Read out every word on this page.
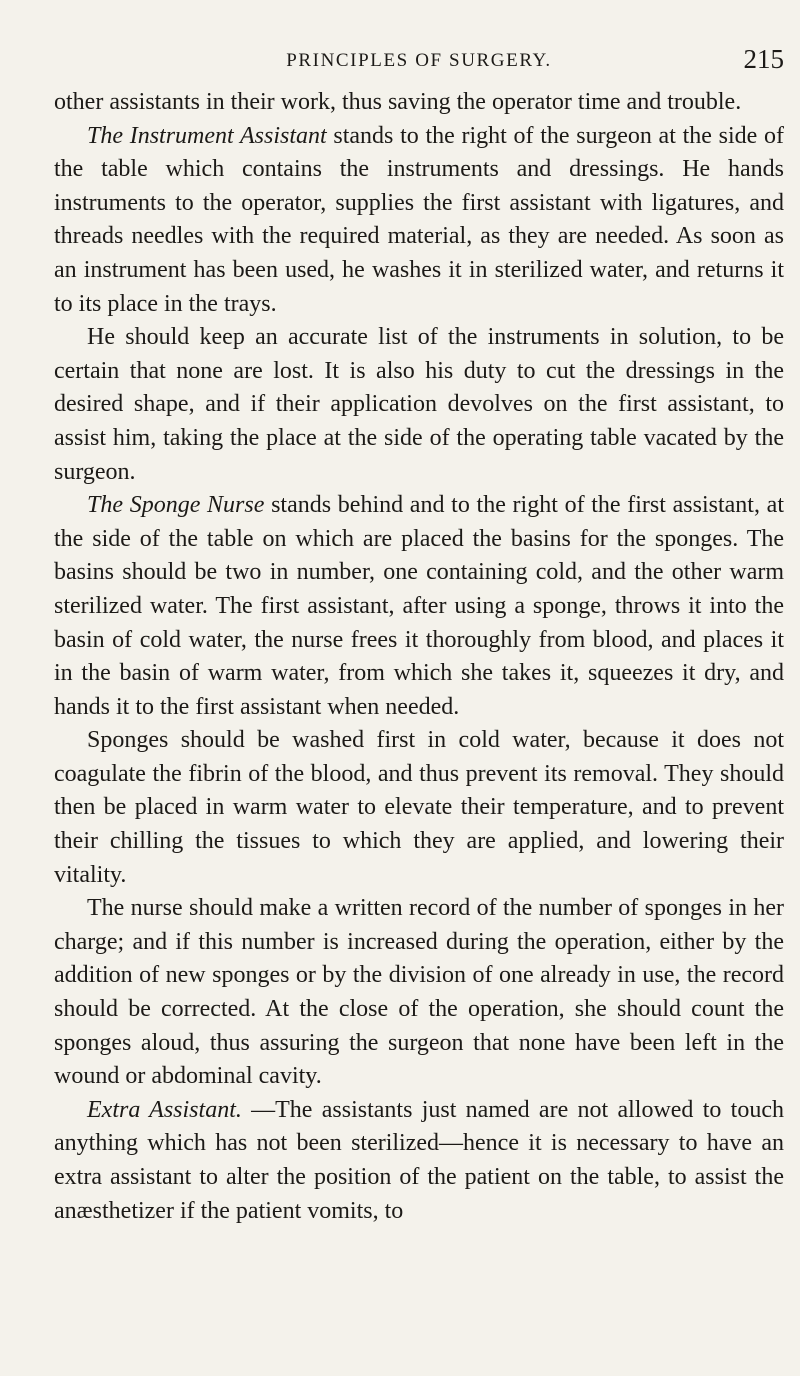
PRINCIPLES OF SURGERY.	215

other assistants in their work, thus saving the operator time and trouble.

The Instrument Assistant stands to the right of the surgeon at the side of the table which contains the instruments and dressings. He hands instruments to the operator, supplies the first assistant with ligatures, and threads needles with the required material, as they are needed. As soon as an instrument has been used, he washes it in sterilized water, and returns it to its place in the trays.

He should keep an accurate list of the instruments in solution, to be certain that none are lost. It is also his duty to cut the dressings in the desired shape, and if their application devolves on the first assistant, to assist him, taking the place at the side of the operating table vacated by the surgeon.

The Sponge Nurse stands behind and to the right of the first assistant, at the side of the table on which are placed the basins for the sponges. The basins should be two in number, one containing cold, and the other warm sterilized water. The first assistant, after using a sponge, throws it into the basin of cold water, the nurse frees it thoroughly from blood, and places it in the basin of warm water, from which she takes it, squeezes it dry, and hands it to the first assistant when needed.

Sponges should be washed first in cold water, because it does not coagulate the fibrin of the blood, and thus prevent its removal. They should then be placed in warm water to elevate their temperature, and to prevent their chilling the tissues to which they are applied, and lowering their vitality.

The nurse should make a written record of the number of sponges in her charge; and if this number is increased during the operation, either by the addition of new sponges or by the division of one already in use, the record should be corrected. At the close of the operation, she should count the sponges aloud, thus assuring the surgeon that none have been left in the wound or abdominal cavity.

Extra Assistant. —The assistants just named are not allowed to touch anything which has not been sterilized—hence it is necessary to have an extra assistant to alter the position of the patient on the table, to assist the anæsthetizer if the patient vomits, to
